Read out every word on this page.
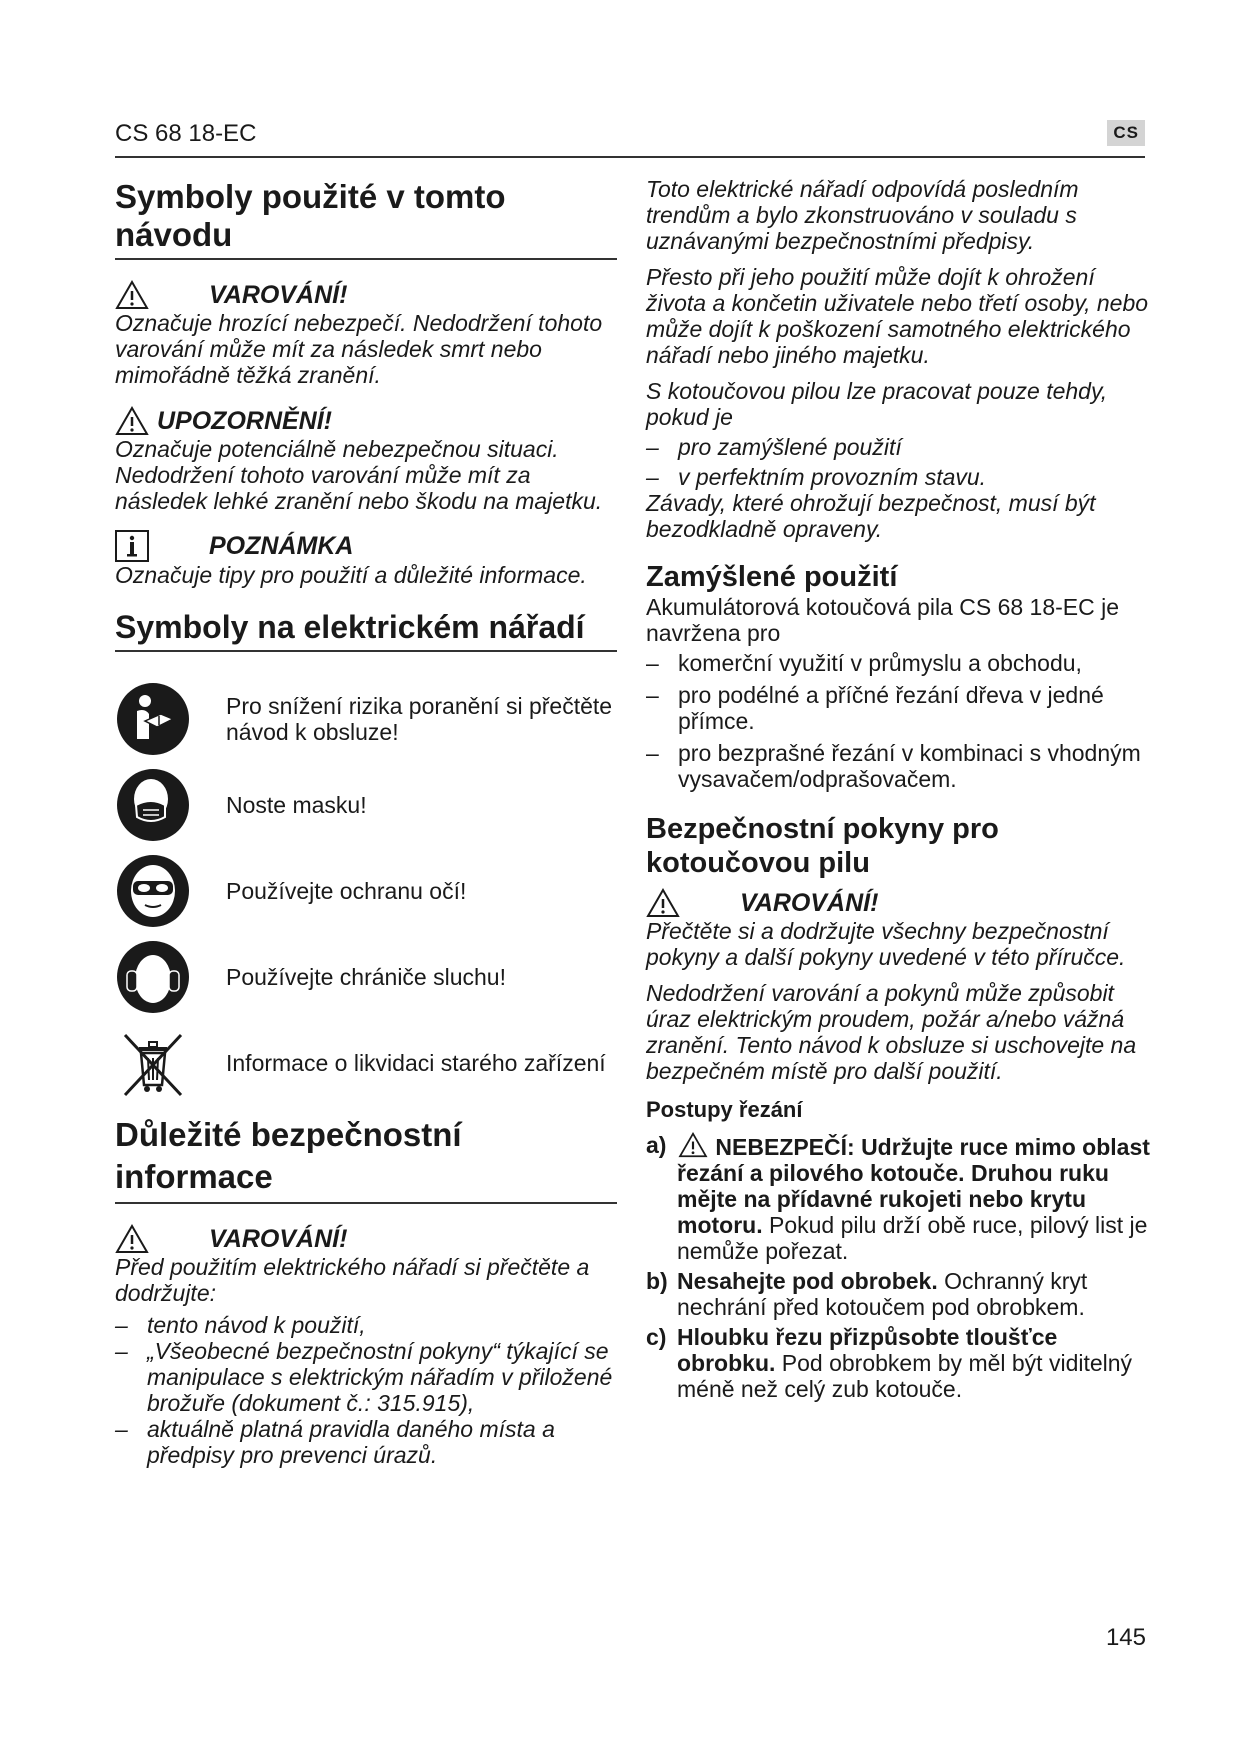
CS 68 18-EC	CS
Symboly použité v tomto návodu
VAROVÁNÍ!

Označuje hrozící nebezpečí. Nedodržení tohoto varování může mít za následek smrt nebo mimořádně těžká zranění.

UPOZORNĚNÍ!

Označuje potenciálně nebezpečnou situaci. Nedodržení tohoto varování může mít za následek lehké zranění nebo škodu na majetku.

POZNÁMKA

Označuje tipy pro použití a důležité informace.

Symboly na elektrickém nářadí
Pro snížení rizika poranění si přečtěte návod k obsluze!
Noste masku!
Používejte ochranu očí!
Používejte chrániče sluchu!
Informace o likvidaci starého zařízení
Důležité bezpečnostní informace
VAROVÁNÍ!

Před použitím elektrického nářadí si přečtěte a dodržujte:

– tento návod k použití,
– „Všeobecné bezpečnostní pokyny“ týkající se manipulace s elektrickým nářadím v přiložené brožuře (dokument č.: 315.915),
– aktuálně platná pravidla daného místa a předpisy pro prevenci úrazů.

Toto elektrické nářadí odpovídá posledním trendům a bylo zkonstruováno v souladu s uznávanými bezpečnostními předpisy.

Přesto při jeho použití může dojít k ohrožení života a končetin uživatele nebo třetí osoby, nebo může dojít k poškození samotného elektrického nářadí nebo jiného majetku.

S kotoučovou pilou lze pracovat pouze tehdy, pokud je

– pro zamýšlené použití
– v perfektním provozním stavu.

Závady, které ohrožují bezpečnost, musí být bezodkladně opraveny.

Zamýšlené použití

Akumulátorová kotoučová pila CS 68 18-EC je navržena pro

– komerční využití v průmyslu a obchodu,
– pro podélné a příčné řezání dřeva v jedné přímce.
– pro bezprašné řezání v kombinaci s vhodným vysavačem/odprašovačem.
Bezpečnostní pokyny pro kotoučovou pilu
VAROVÁNÍ!

Přečtěte si a dodržujte všechny bezpečnostní pokyny a další pokyny uvedené v této příručce.

Nedodržení varování a pokynů může způsobit úraz elektrickým proudem, požár a/nebo vážná zranění. Tento návod k obsluze si uschovejte na bezpečném místě pro další použití.

Postupy řezání

a) NEBEZPEČÍ: Udržujte ruce mimo oblast řezání a pilového kotouče. Druhou ruku mějte na přídavné rukojeti nebo krytu motoru. Pokud pilu drží obě ruce, pilový list je nemůže pořezat.
b) Nesahejte pod obrobek. Ochranný kryt nechrání před kotoučem pod obrobkem.
c) Hloubku řezu přizpůsobte tloušťce obrobku. Pod obrobkem by měl být viditelný méně než celý zub kotouče.
145
